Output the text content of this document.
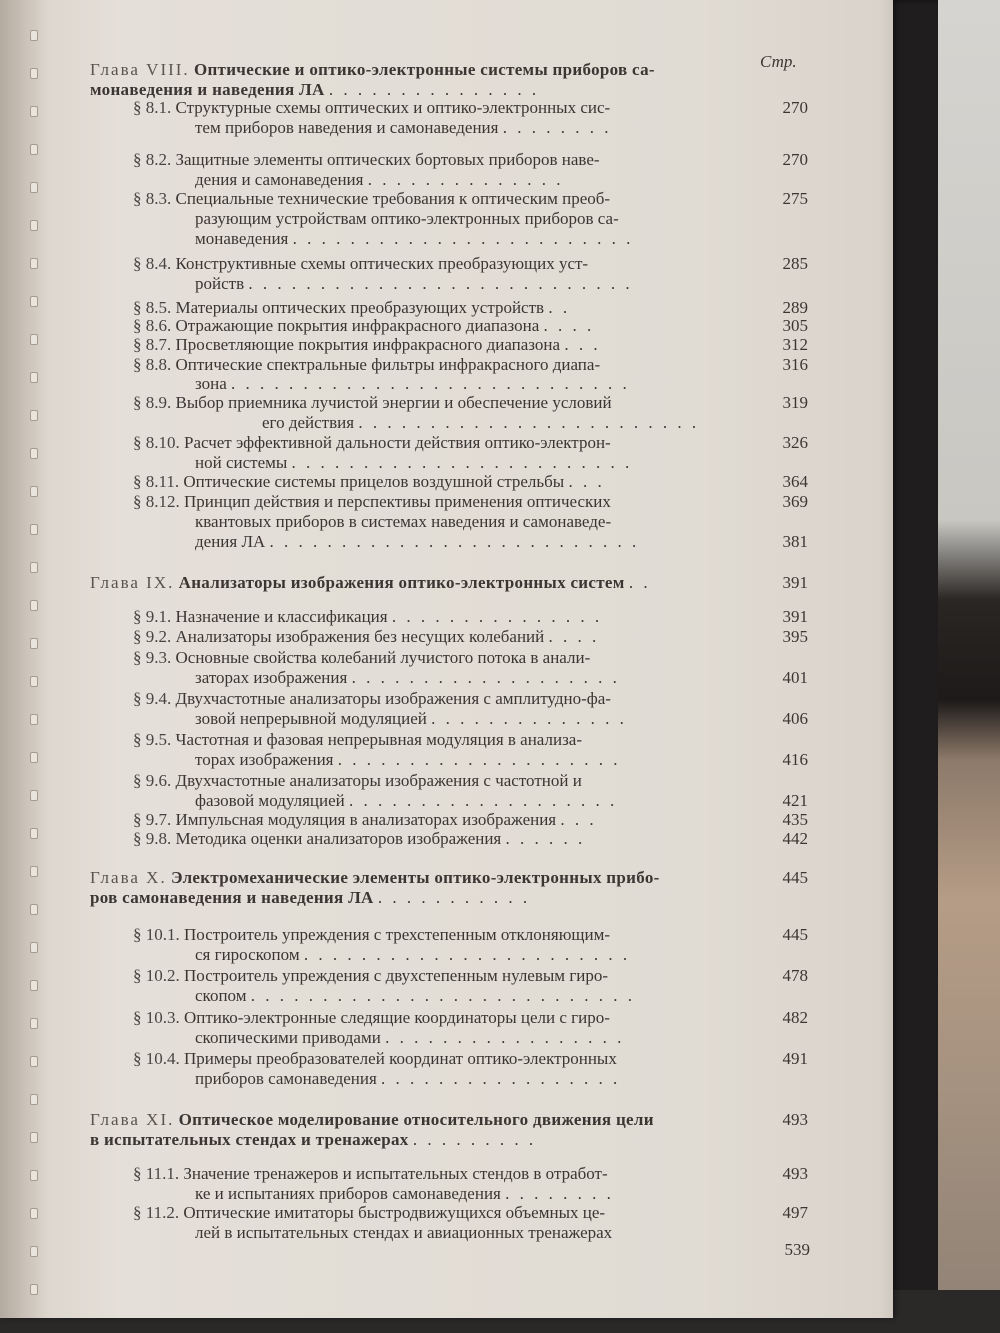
Стр.
Глава VIII. Оптические и оптико-электронные системы приборов са-
монаведения и наведения ЛА . . . . . . . . . . . . . . .
§ 8.1. Структурные схемы оптических и оптико-электронных сис-	270
тем приборов наведения и самонаведения . . . . . . . .
§ 8.2. Защитные элементы оптических бортовых приборов наве-	270
дения и самонаведения . . . . . . . . . . . . . .
§ 8.3. Специальные технические требования к оптическим преоб-	275
разующим устройствам оптико-электронных приборов са-
монаведения . . . . . . . . . . . . . . . . . . . . . . . .
§ 8.4. Конструктивные схемы оптических преобразующих уст-	285
ройств . . . . . . . . . . . . . . . . . . . . . . . . . . .
§ 8.5. Материалы оптических преобразующих устройств . .	289
§ 8.6. Отражающие покрытия инфракрасного диапазона . . . .	305
§ 8.7. Просветляющие покрытия инфракрасного диапазона . . .	312
§ 8.8. Оптические спектральные фильтры инфракрасного диапа-	316
зона . . . . . . . . . . . . . . . . . . . . . . . . . . . .
§ 8.9. Выбор приемника лучистой энергии и обеспечение условий	319
его действия . . . . . . . . . . . . . . . . . . . . . . . .
§ 8.10. Расчет эффективной дальности действия оптико-электрон-	326
ной системы . . . . . . . . . . . . . . . . . . . . . . . .
§ 8.11. Оптические системы прицелов воздушной стрельбы . . .	364
§ 8.12. Принцип действия и перспективы применения оптических	369
квантовых приборов в системах наведения и самонаведе-
дения ЛА . . . . . . . . . . . . . . . . . . . . . . . . . .	381
Глава IX. Анализаторы изображения оптико-электронных систем . .	391
§ 9.1. Назначение и классификация . . . . . . . . . . . . . . .	391
§ 9.2. Анализаторы изображения без несущих колебаний . . . .	395
§ 9.3. Основные свойства колебаний лучистого потока в анали-
заторах изображения . . . . . . . . . . . . . . . . . . .	401
§ 9.4. Двухчастотные анализаторы изображения с амплитудно-фа-
зовой непрерывной модуляцией . . . . . . . . . . . . . .	406
§ 9.5. Частотная и фазовая непрерывная модуляция в анализа-
торах изображения . . . . . . . . . . . . . . . . . . . .	416
§ 9.6. Двухчастотные анализаторы изображения с частотной и
фазовой модуляцией . . . . . . . . . . . . . . . . . . .	421
§ 9.7. Импульсная модуляция в анализаторах изображения . . .	435
§ 9.8. Методика оценки анализаторов изображения . . . . . .	442
Глава X. Электромеханические элементы оптико-электронных прибо-	445
ров самонаведения и наведения ЛА . . . . . . . . . . .
§ 10.1. Построитель упреждения с трехстепенным отклоняющим-	445
ся гироскопом . . . . . . . . . . . . . . . . . . . . . . .
§ 10.2. Построитель упреждения с двухстепенным нулевым гиро-	478
скопом . . . . . . . . . . . . . . . . . . . . . . . . . . .
§ 10.3. Оптико-электронные следящие координаторы цели с гиро-	482
скопическими приводами . . . . . . . . . . . . . . . . .
§ 10.4. Примеры преобразователей координат оптико-электронных	491
приборов самонаведения . . . . . . . . . . . . . . . . .
Глава XI. Оптическое моделирование относительного движения цели	493
в испытательных стендах и тренажерах . . . . . . . . .
§ 11.1. Значение тренажеров и испытательных стендов в отработ-	493
ке и испытаниях приборов самонаведения . . . . . . . .
§ 11.2. Оптические имитаторы быстродвижущихся объемных це-	497
лей в испытательных стендах и авиационных тренажерах
539
